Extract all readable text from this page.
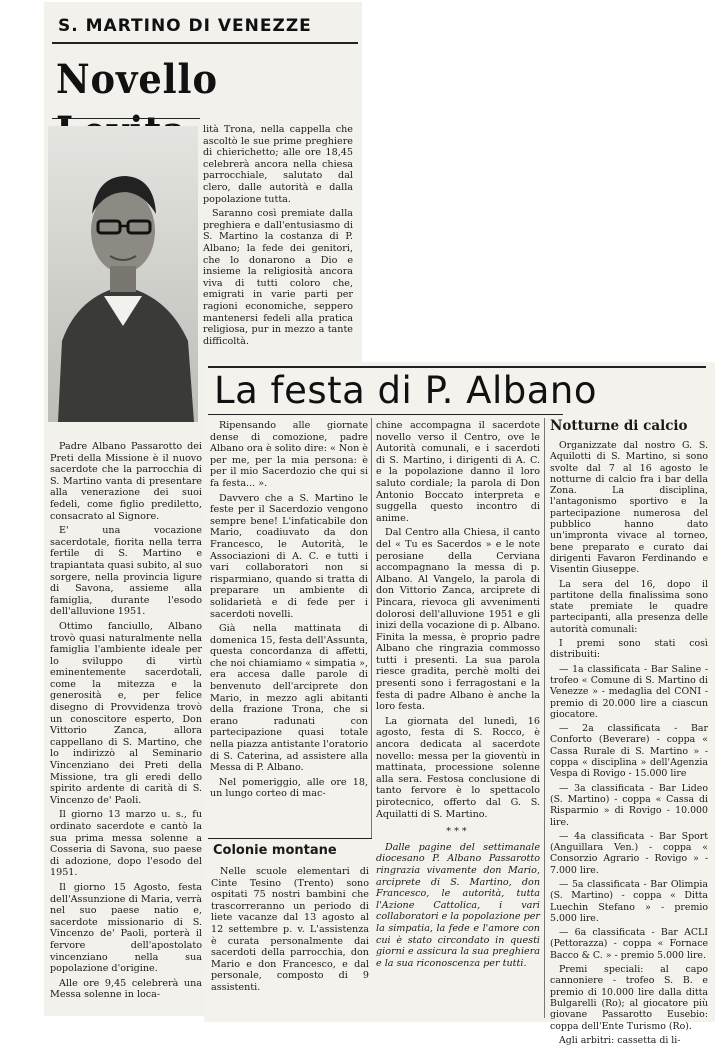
S. MARTINO DI VENEZZE
Novello

lità Trona, nella cappella che ascoltò le sue prime preghiere di chierichetto; alle ore 18,45 celebrerà ancora nella chiesa parrocchiale, salutato dal clero, dalle autorità e dalla popolazione tutta.

Saranno così premiate dalla preghiera e dall'entusiasmo di S. Martino la costanza di P. Albano; la fede dei genitori, che lo donarono a Dio e insieme la religiosità ancora viva di tutti coloro che, emigrati in varie parti per ragioni economiche, seppero mantenersi fedeli alla pratica religiosa, pur in mezzo a tante difficoltà.

Padre Albano Passarotto dei Preti della Missione è il nuovo sacerdote che la parrocchia di S. Martino vanta di presentare alla venerazione dei suoi fedeli, come figlio prediletto, consacrato al Signore.

E' una vocazione sacerdotale, fiorita nella terra fertile di S. Martino e trapiantata quasi subito, al suo sorgere, nella provincia ligure di Savona, assieme alla famiglia, durante l'esodo dell'alluvione 1951.

Ottimo fanciullo, Albano trovò quasi naturalmente nella famiglia l'ambiente ideale per lo sviluppo di virtù eminentemente sacerdotali, come la mitezza e la generosità e, per felice disegno di Provvidenza trovò un conoscitore esperto, Don Vittorio Zanca, allora cappellano di S. Martino, che lo indirizzò al Seminario Vincenziano dei Preti della Missione, tra gli eredi dello spirito ardente di carità di S. Vincenzo de' Paoli.

Il giorno 13 marzo u. s., fu ordinato sacerdote e cantò la sua prima messa solenne a Cosseria di Savona, suo paese di adozione, dopo l'esodo del 1951.

Il giorno 15 Agosto, festa dell'Assunzione di Maria, verrà nel suo paese natio e, sacerdote missionario di S. Vincenzo de' Paoli, porterà il fervore dell'apostolato vincenziano nella sua popolazione d'origine.

Alle ore 9,45 celebrerà una Messa solenne in loca-

La festa di P. Albano

Ripensando alle giornate dense di comozione, padre Albano ora è solito dire: « Non è per me, per la mia persona: è per il mio Sacerdozio che qui si fa festa... ».

Davvero che a S. Martino le feste per il Sacerdozio vengono sempre bene! L'infaticabile don Mario, coadiuvato da don Francesco, le Autorità, le Associazioni di A. C. e tutti i vari collaboratori non si risparmiano, quando si tratta di preparare un ambiente di solidarietà e di fede per i sacerdoti novelli.

Già nella mattinata di domenica 15, festa dell'Assunta, questa concordanza di affetti, che noi chiamiamo « simpatia », era accesa dalle parole di benvenuto dell'arciprete don Mario, in mezzo agli abitanti della frazione Trona, che si erano radunati con partecipazione quasi totale nella piazza antistante l'oratorio di S. Caterina, ad assistere alla Messa di P. Albano.

Nel pomeriggio, alle ore 18, un lungo corteo di mac-

chine accompagna il sacerdote novello verso il Centro, ove le Autorità comunali, e i sacerdoti di S. Martino, i dirigenti di A. C. e la popolazione danno il loro saluto cordiale; la parola di Don Antonio Boccato interpreta e suggella questo incontro di anime.

Dal Centro alla Chiesa, il canto del « Tu es Sacerdos » e le note perosiane della Cerviana accompagnano la messa di p. Albano. Al Vangelo, la parola di don Vittorio Zanca, arciprete di Pincara, rievoca gli avvenimenti dolorosi dell'alluvione 1951 e gli inizi della vocazione di p. Albano. Finita la messa, è proprio padre Albano che ringrazia commosso tutti i presenti. La sua parola riesce gradita, perchè molti dei presenti sono i ferragostani e la festa di padre Albano è anche la loro festa.

La giornata del lunedì, 16 agosto, festa di S. Rocco, è ancora dedicata al sacerdote novello: messa per la gioventù in mattinata, processione solenne alla sera. Festosa conclusione di tanto fervore è lo spettacolo pirotecnico, offerto dal G. S. Aquilatti di S. Martino.

***

Dalle pagine del settimanale diocesano P. Albano Passarotto ringrazia vivamente don Mario, arciprete di S. Martino, don Francesco, le autorità, tutta l'Azione Cattolica, i vari collaboratori e la popolazione per la simpatia, la fede e l'amore con cui è stato circondato in questi giorni e assicura la sua preghiera e la sua riconoscenza per tutti.

Colonie montane

Nelle scuole elementari di Cinte Tesino (Trento) sono ospitati 75 nostri bambini che trascorreranno un periodo di liete vacanze dal 13 agosto al 12 settembre p. v. L'assistenza è curata personalmente dai sacerdoti della parrocchia, don Mario e don Francesco, e dal personale, composto di 9 assistenti.

Notturne di calcio

Organizzate dal nostro G. S. Aquilotti di S. Martino, si sono svolte dal 7 al 16 agosto le notturne di calcio fra i bar della Zona. La disciplina, l'antagonismo sportivo e la partecipazione numerosa del pubblico hanno dato un'impronta vivace al torneo, bene preparato e curato dai dirigenti Favaron Ferdinando e Visentin Giuseppe.

La sera del 16, dopo il partitone della finalissima sono state premiate le quadre partecipanti, alla presenza delle autorità comunali:

I premi sono stati così distribuiti:

— 1a classificata - Bar Saline - trofeo « Comune di S. Martino di Venezze » - medaglia del CONI - premio di 20.000 lire a ciascun giocatore.

— 2a classificata - Bar Conforto (Beverare) - coppa « Cassa Rurale di S. Martino » - coppa « disciplina » dell'Agenzia Vespa di Rovigo - 15.000 lire

— 3a classificata - Bar Lideo (S. Martino) - coppa « Cassa di Risparmio » di Rovigo - 10.000 lire.

— 4a classificata - Bar Sport (Anguillara Ven.) - coppa « Consorzio Agrario - Rovigo » - 7.000 lire.

— 5a classificata - Bar Olimpia (S. Martino) - coppa « Ditta Luechin Stefano » - premio 5.000 lire.

— 6a classificata - Bar ACLI (Pettorazza) - coppa « Fornace Bacco & C. » - premio 5.000 lire.

Premi speciali: al capo cannoniere - trofeo S. B. e premio di 10.000 lire dalla ditta Bulgarelli (Ro); al giocatore più giovane Passarotto Eusebio: coppa dell'Ente Turismo (Ro).

Agli arbitri: cassetta di li-
